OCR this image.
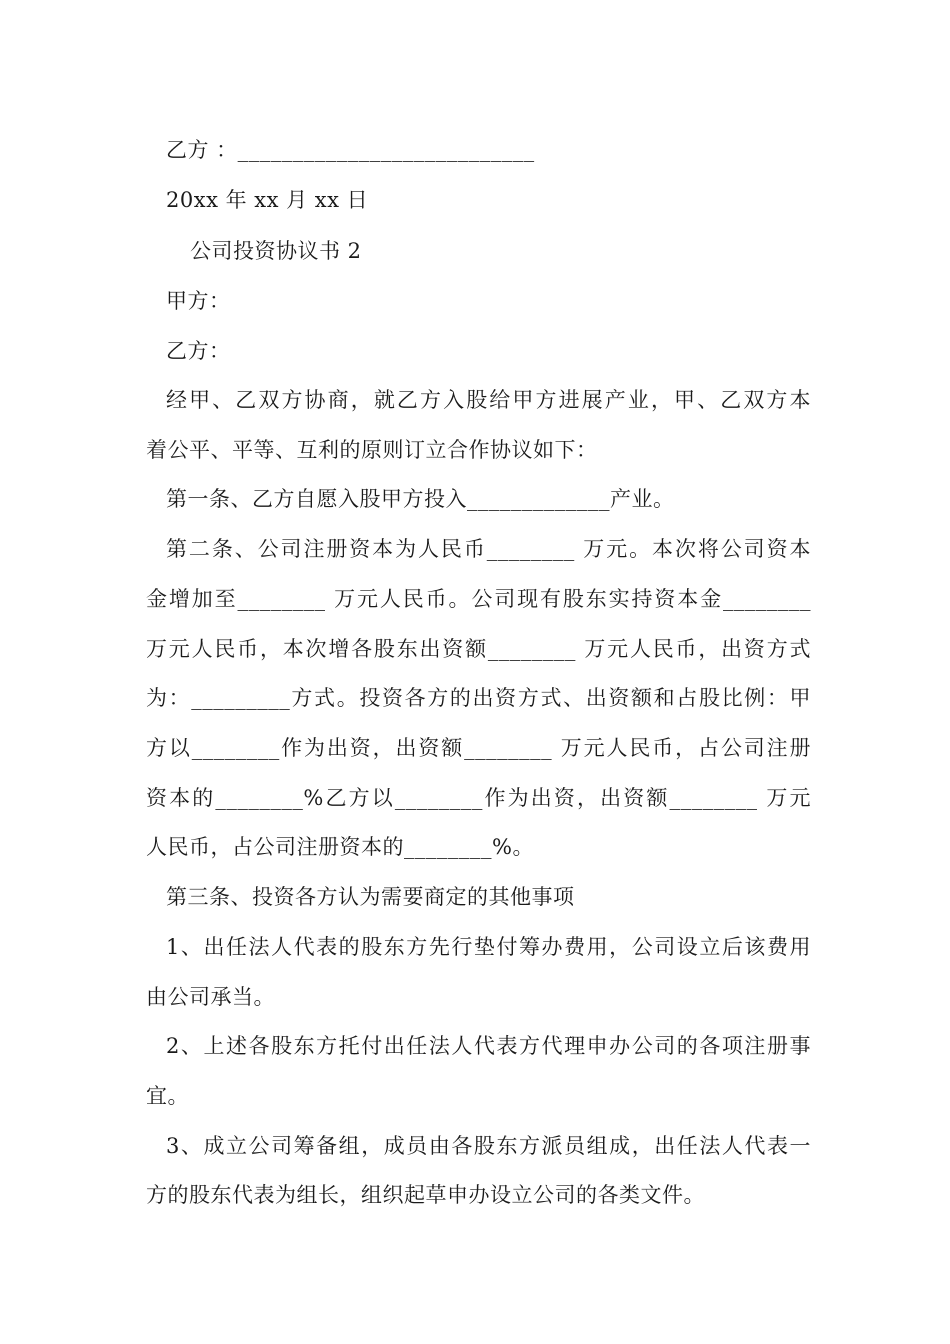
乙方 ：___________________________
20xx 年 xx 月 xx 日
公司投资协议书 2
甲方：
乙方：
经甲、乙双方协商，就乙方入股给甲方进展产业，甲、乙双方本
着公平、平等、互利的原则订立合作协议如下：
第一条、乙方自愿入股甲方投入_____________产业。
第二条、公司注册资本为人民币________ 万元。本次将公司资本
金增加至________ 万元人民币。公司现有股东实持资本金________
万元人民币，本次增各股东出资额________ 万元人民币，出资方式
为：_________方式。投资各方的出资方式、出资额和占股比例：甲
方以________作为出资，出资额________ 万元人民币，占公司注册
资本的________%乙方以________作为出资，出资额________ 万元
人民币，占公司注册资本的________%。
第三条、投资各方认为需要商定的其他事项
1、出任法人代表的股东方先行垫付筹办费用，公司设立后该费用
由公司承当。
2、上述各股东方托付出任法人代表方代理申办公司的各项注册事
宜。
3、成立公司筹备组，成员由各股东方派员组成，出任法人代表一
方的股东代表为组长，组织起草申办设立公司的各类文件。
